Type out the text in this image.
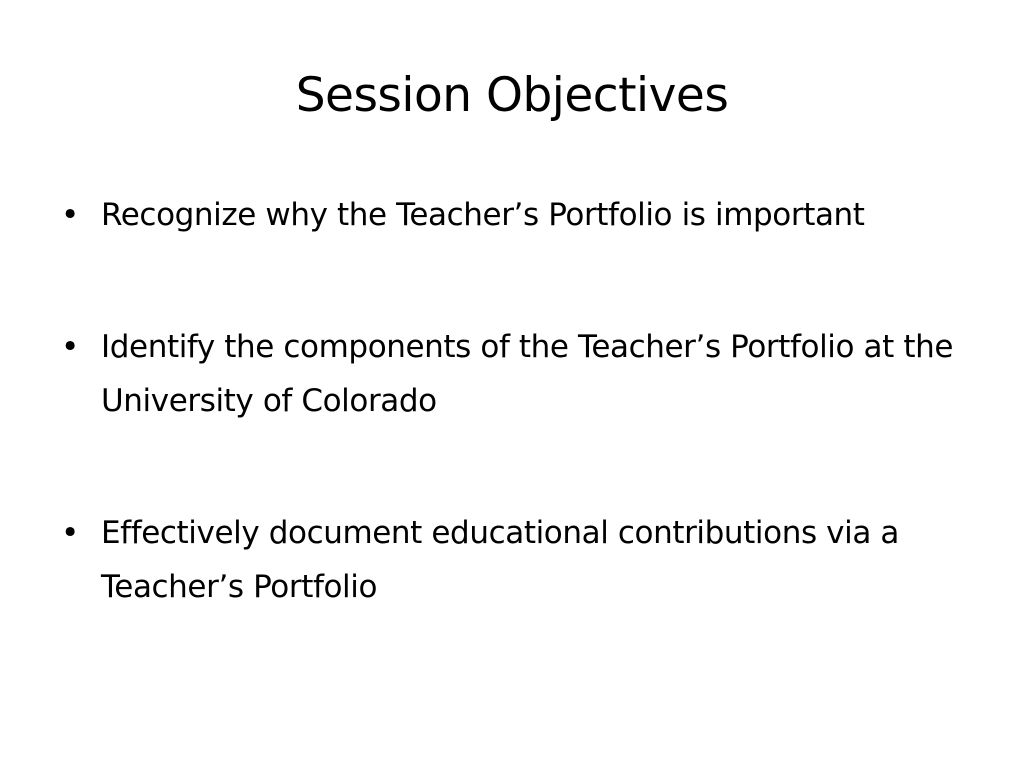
Session Objectives
• Recognize why the Teacher’s Portfolio is important
• Identify the components of the Teacher’s Portfolio at the University of Colorado
• Effectively document educational contributions via a Teacher’s Portfolio
